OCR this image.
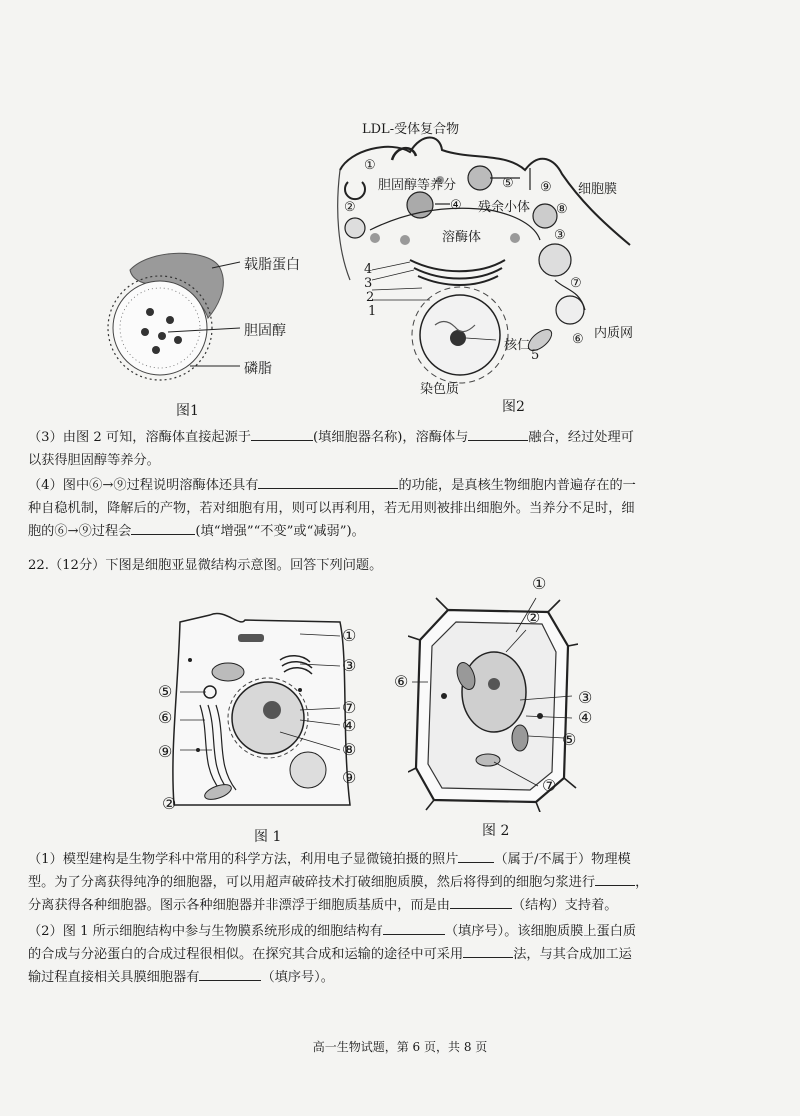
载脂蛋白
胆固醇
磷脂
图1
LDL-受体复合物
胆固醇等养分
残余小体
细胞膜
溶酶体
核仁
内质网
染色质
①
②
③
④
⑤
⑥
⑦
⑧
⑨
4
3
2
1
5
图2
（3）由图 2 可知，溶酶体直接起源于	(填细胞器名称)，溶酶体与	融合，经过处理可
以获得胆固醇等养分。
（4）图中⑥→⑨过程说明溶酶体还具有	的功能，是真核生物细胞内普遍存在的一
种自稳机制，降解后的产物，若对细胞有用，则可以再利用，若无用则被排出细胞外。当养分不足时，细
胞的⑥→⑨过程会	(填“增强”“不变”或“减弱”)。
22.（12分）下图是细胞亚显微结构示意图。回答下列问题。
①
③
⑤
⑥
⑦
④
⑨	⑧
⑨
②
图 1
①
②
⑥
③
④
⑤
⑦
图 2
（1）模型建构是生物学科中常用的科学方法，利用电子显微镜拍摄的照片	（属于/不属于）物理模
型。为了分离获得纯净的细胞器，可以用超声破碎技术打破细胞质膜，然后将得到的细胞匀浆进行	，
分离获得各种细胞器。图示各种细胞器并非漂浮于细胞质基质中，而是由	（结构）支持着。
（2）图 1 所示细胞结构中参与生物膜系统形成的细胞结构有	（填序号）。该细胞质膜上蛋白质
的合成与分泌蛋白的合成过程很相似。在探究其合成和运输的途径中可采用	法，与其合成加工运
输过程直接相关具膜细胞器有	（填序号）。
高一生物试题，第 6 页，共 8 页
